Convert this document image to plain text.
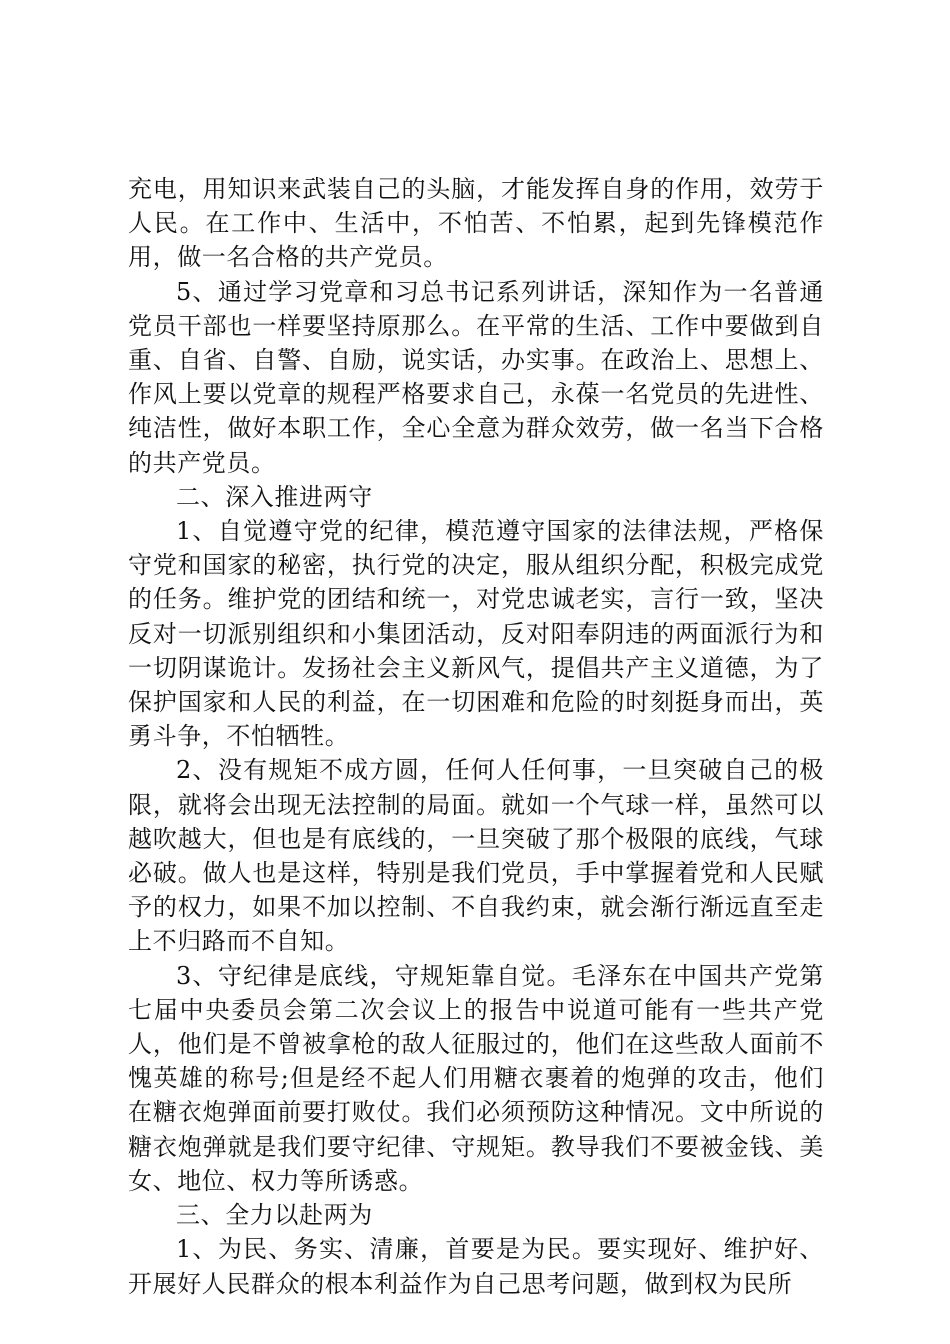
充电，用知识来武装自己的头脑，才能发挥自身的作用，效劳于人民。在工作中、生活中，不怕苦、不怕累，起到先锋模范作用，做一名合格的共产党员。

5、通过学习党章和习总书记系列讲话，深知作为一名普通党员干部也一样要坚持原那么。在平常的生活、工作中要做到自重、自省、自警、自励，说实话，办实事。在政治上、思想上、作风上要以党章的规程严格要求自己，永葆一名党员的先进性、纯洁性，做好本职工作，全心全意为群众效劳，做一名当下合格的共产党员。

二、深入推进两守

1、自觉遵守党的纪律，模范遵守国家的法律法规，严格保守党和国家的秘密，执行党的决定，服从组织分配，积极完成党的任务。维护党的团结和统一，对党忠诚老实，言行一致，坚决反对一切派别组织和小集团活动，反对阳奉阴违的两面派行为和一切阴谋诡计。发扬社会主义新风气，提倡共产主义道德，为了保护国家和人民的利益，在一切困难和危险的时刻挺身而出，英勇斗争，不怕牺牲。

2、没有规矩不成方圆，任何人任何事，一旦突破自己的极限，就将会出现无法控制的局面。就如一个气球一样，虽然可以越吹越大，但也是有底线的，一旦突破了那个极限的底线，气球必破。做人也是这样，特别是我们党员，手中掌握着党和人民赋予的权力，如果不加以控制、不自我约束，就会渐行渐远直至走上不归路而不自知。

3、守纪律是底线，守规矩靠自觉。毛泽东在中国共产党第七届中央委员会第二次会议上的报告中说道可能有一些共产党人，他们是不曾被拿枪的敌人征服过的，他们在这些敌人面前不愧英雄的称号;但是经不起人们用糖衣裹着的炮弹的攻击，他们在糖衣炮弹面前要打败仗。我们必须预防这种情况。文中所说的糖衣炮弹就是我们要守纪律、守规矩。教导我们不要被金钱、美女、地位、权力等所诱惑。

三、全力以赴两为

1、为民、务实、清廉，首要是为民。要实现好、维护好、开展好人民群众的根本利益作为自己思考问题，做到权为民所
